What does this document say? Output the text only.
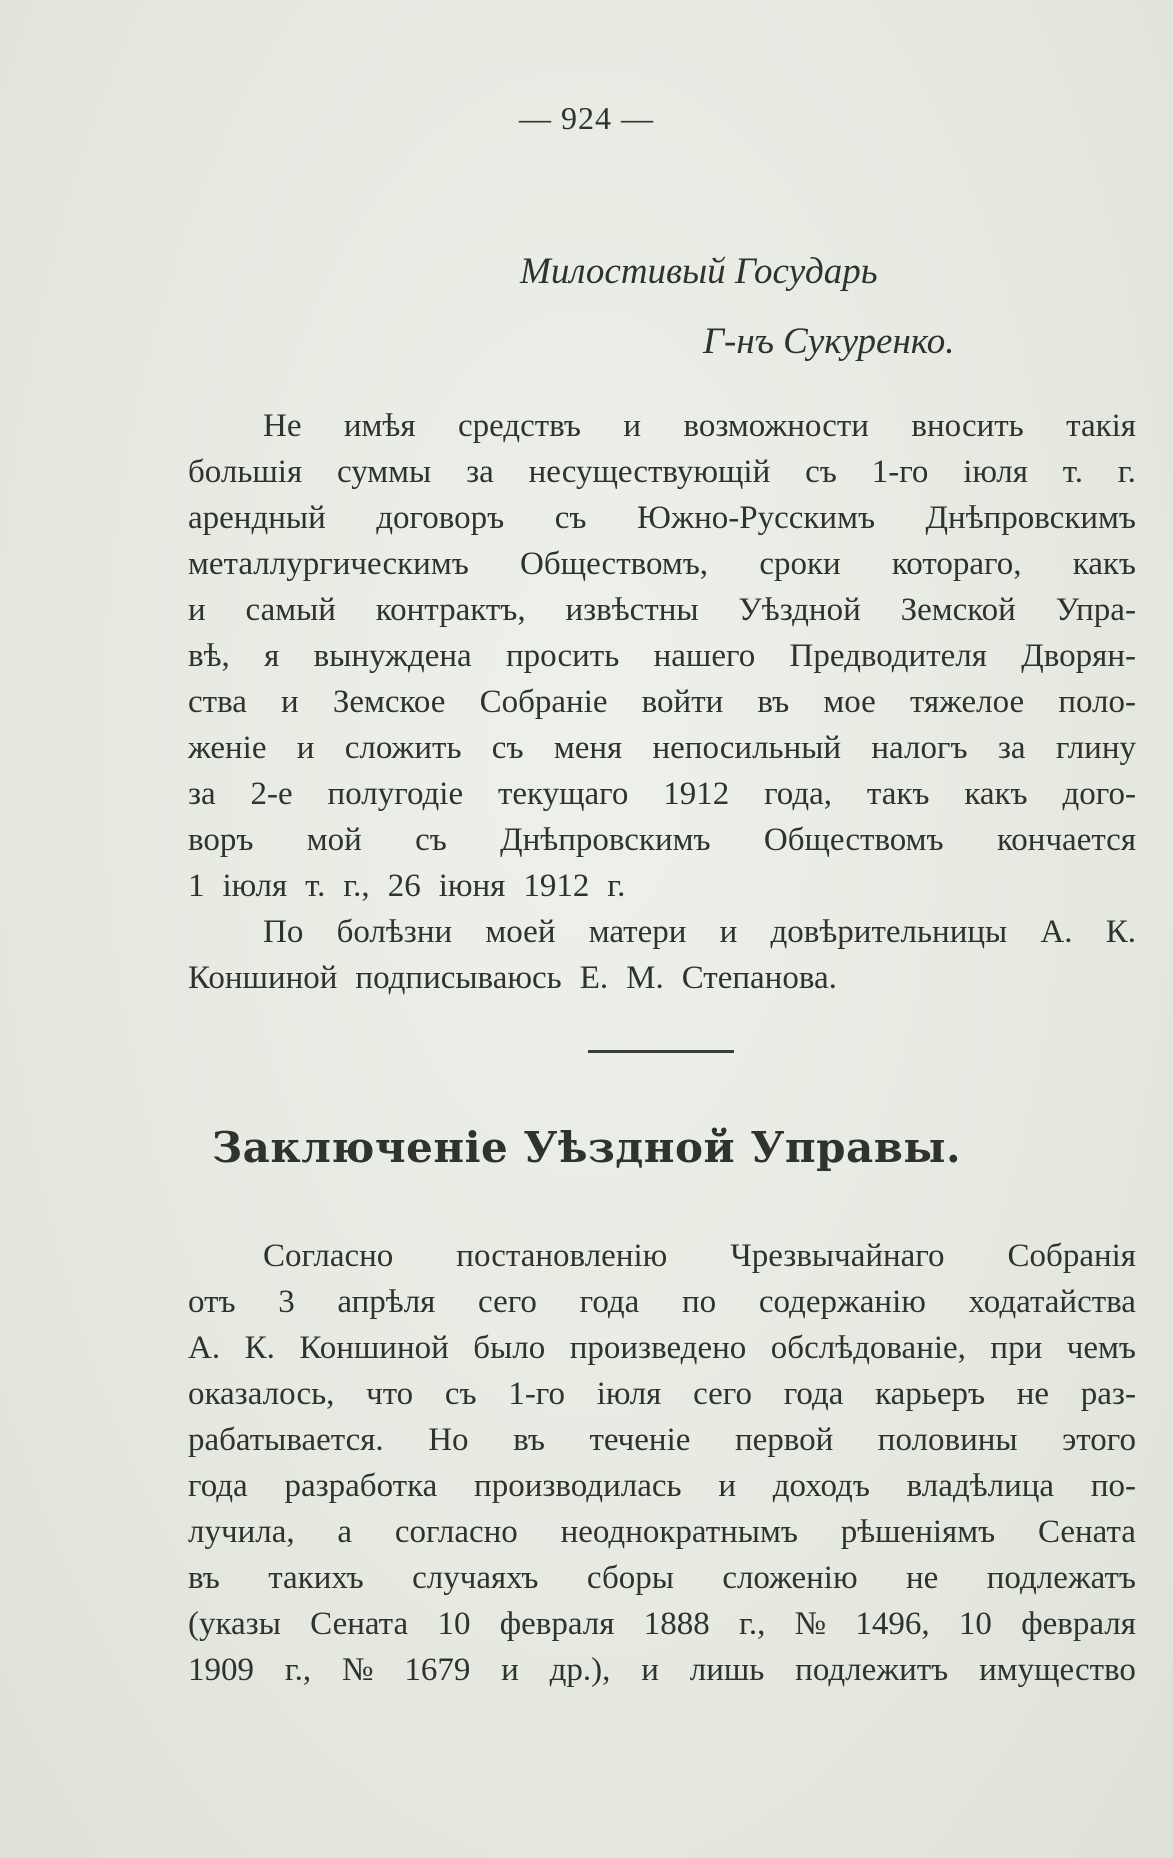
— 924 —
Милостивый Государь
Г-нъ Сукуренко.
Не имѣя средствъ и возможности вносить такія
большія суммы за несуществующій съ 1-го іюля т. г.
арендный договоръ съ Южно-Русскимъ Днѣпровскимъ
металлургическимъ Обществомъ, сроки котораго, какъ
и самый контрактъ, извѣстны Уѣздной Земской Упра-
вѣ, я вынуждена просить нашего Предводителя Дворян-
ства и Земское Собраніе войти въ мое тяжелое поло-
женіе и сложить съ меня непосильный налогъ за глину
за 2-е полугодіе текущаго 1912 года, такъ какъ дого-
воръ мой съ Днѣпровскимъ Обществомъ кончается
1 іюля т. г., 26 іюня 1912 г.
По болѣзни моей матери и довѣрительницы А. К.
Коншиной подписываюсь Е. М. Степанова.
Заключеніе Уѣздной Управы.
Согласно постановленію Чрезвычайнаго Собранія
отъ 3 апрѣля сего года по содержанію ходатайства
А. К. Коншиной было произведено обслѣдованіе, при чемъ
оказалось, что съ 1-го іюля сего года карьеръ не раз-
рабатывается. Но въ теченіе первой половины этого
года разработка производилась и доходъ владѣлица по-
лучила, а согласно неоднократнымъ рѣшеніямъ Сената
въ такихъ случаяхъ сборы сложенію не подлежатъ
(указы Сената 10 февраля 1888 г., № 1496, 10 февраля
1909 г., № 1679 и др.), и лишь подлежитъ имущество
